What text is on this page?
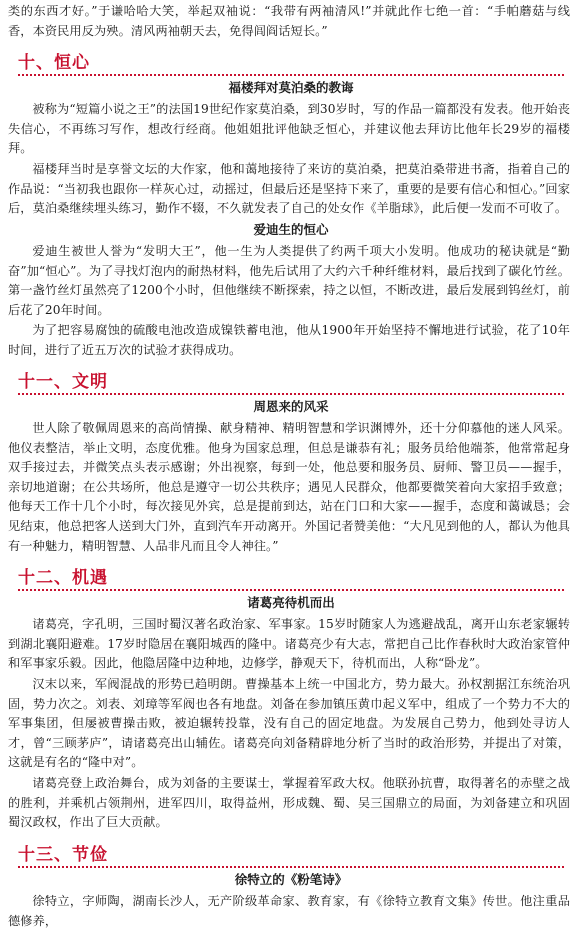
类的东西才好。”于谦哈哈大笑，举起双袖说：“我带有两袖清风!”并就此作七绝一首：“手帕蘑菇与线香，本资民用反为殃。清风两袖朝天去，免得闾阎话短长。”

十、恒心

福楼拜对莫泊桑的教诲

被称为“短篇小说之王”的法国19世纪作家莫泊桑，到30岁时，写的作品一篇都没有发表。他开始丧失信心，不再练习写作，想改行经商。他姐姐批评他缺乏恒心，并建议他去拜访比他年长29岁的福楼拜。

福楼拜当时是享誉文坛的大作家，他和蔼地接待了来访的莫泊桑，把莫泊桑带进书斋，指着自己的作品说：“当初我也跟你一样灰心过，动摇过，但最后还是坚持下来了，重要的是要有信心和恒心。”回家后，莫泊桑继续埋头练习，勤作不辍，不久就发表了自己的处女作《羊脂球》，此后便一发而不可收了。

爱迪生的恒心

爱迪生被世人誉为“发明大王”，他一生为人类提供了约两千项大小发明。他成功的秘诀就是“勤奋”加“恒心”。为了寻找灯泡内的耐热材料，他先后试用了大约六千种纤维材料，最后找到了碳化竹丝。第一盏竹丝灯虽然亮了1200个小时，但他继续不断探索，持之以恒，不断改进，最后发展到钨丝灯，前后花了20年时间。

为了把容易腐蚀的硫酸电池改造成镍铁蓄电池，他从1900年开始坚持不懈地进行试验，花了10年时间，进行了近五万次的试验才获得成功。

十一、文明

周恩来的风采

世人除了敬佩周恩来的高尚情操、献身精神、精明智慧和学识渊博外，还十分仰慕他的迷人风采。他仪表整洁，举止文明，态度优雅。他身为国家总理，但总是谦恭有礼；服务员给他端茶，他常常起身双手接过去，并微笑点头表示感谢；外出视察，每到一处，他总要和服务员、厨师、警卫员——握手，亲切地道谢；在公共场所，他总是遵守一切公共秩序；遇见人民群众，他都要微笑着向大家招手致意；他每天工作十几个小时，每次接见外宾，总是提前到达，站在门口和大家——握手，态度和蔼诚恳；会见结束，他总把客人送到大门外，直到汽车开动离开。外国记者赞美他：“大凡见到他的人，都认为他具有一种魅力，精明智慧、人品非凡而且令人神往。”

十二、机遇

诸葛亮待机而出

诸葛亮，字孔明，三国时蜀汉著名政治家、军事家。15岁时随家人为逃避战乱，离开山东老家辗转到湖北襄阳避难。17岁时隐居在襄阳城西的隆中。诸葛亮少有大志，常把自己比作春秋时大政治家管仲和军事家乐毅。因此，他隐居隆中边种地，边修学，静观天下，待机而出，人称“卧龙”。

汉末以来，军阀混战的形势已趋明朗。曹操基本上统一中国北方，势力最大。孙权割据江东统治巩固，势力次之。刘表、刘璋等军阀也各有地盘。刘备在参加镇压黄巾起义军中，组成了一个势力不大的军事集团，但屡被曹操击败，被迫辗转投靠，没有自己的固定地盘。为发展自己势力，他到处寻访人才，曾“三顾茅庐”，请诸葛亮出山辅佐。诸葛亮向刘备精辟地分析了当时的政治形势，并提出了对策，这就是有名的“隆中对”。

诸葛亮登上政治舞台，成为刘备的主要谋士，掌握着军政大权。他联孙抗曹，取得著名的赤壁之战的胜利，并乘机占领荆州，进军四川，取得益州，形成魏、蜀、吴三国鼎立的局面，为刘备建立和巩固蜀汉政权，作出了巨大贡献。

十三、节俭

徐特立的《粉笔诗》

徐特立，字师陶，湖南长沙人，无产阶级革命家、教育家，有《徐特立教育文集》传世。他注重品德修养，
